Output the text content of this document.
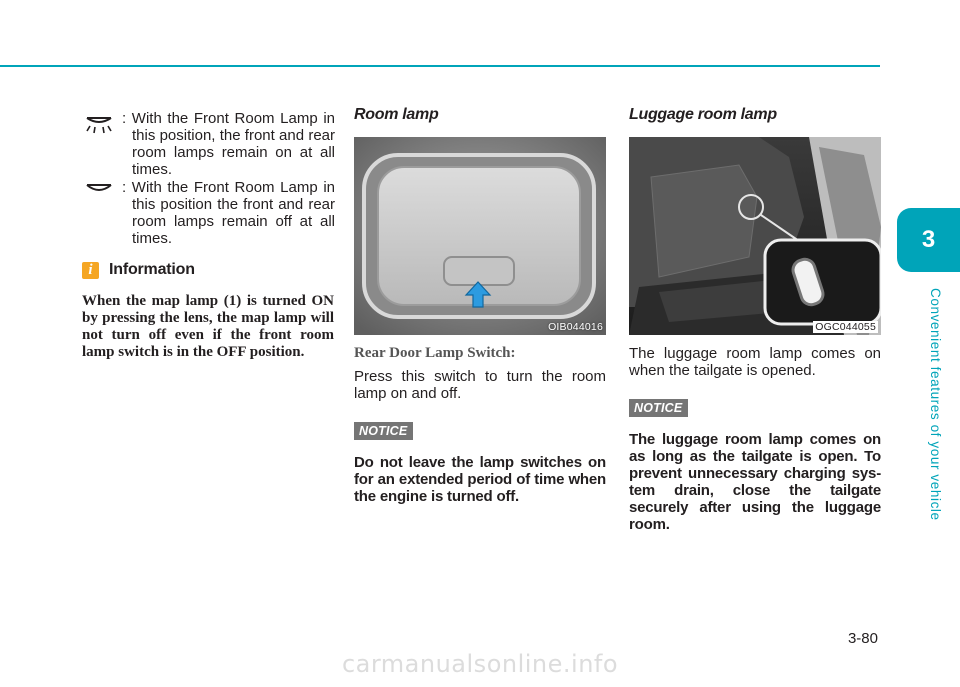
: With the Front Room Lamp in this position, the front and rear room lamps remain on at all times.
: With the Front Room Lamp in this position the front and rear room lamps remain off at all times.
i	Information
When the map lamp (1) is turned ON by pressing the lens, the map lamp will not turn off even if the front room lamp switch is in the OFF position.
Room lamp
OIB044016
Rear Door Lamp Switch:
Press this switch to turn the room lamp on and off.
NOTICE
Do not leave the lamp switches on for an extended period of time when the engine is turned off.
Luggage room lamp
OGC044055
The luggage room lamp comes on when the tailgate is opened.
NOTICE
The luggage room lamp comes on as long as the tailgate is open. To prevent unnecessary charging sys- tem drain, close the tailgate securely after using the luggage room.
3
Convenient features of your vehicle
3-80
carmanualsonline.info
